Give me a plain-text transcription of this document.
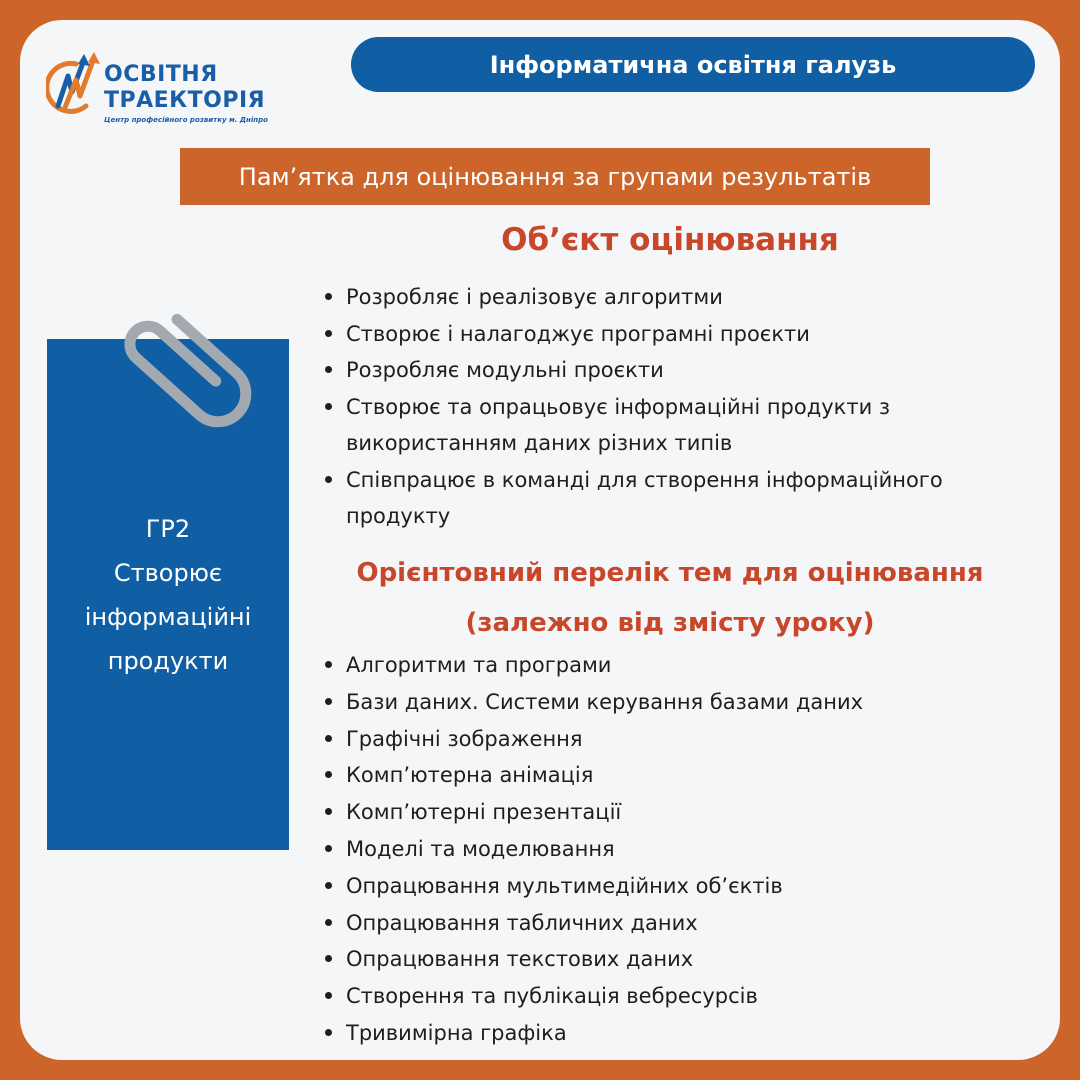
ОСВІТНЯ
ТРАЕКТОРІЯ
Центр професійного розвитку м. Дніпро
Інформатична освітня галузь
Пам’ятка для оцінювання за групами результатів
ГР2
Створює
інформаційні
продукти
Об’єкт оцінювання
Розробляє і реалізовує алгоритми
Створює і налагоджує програмні проєкти
Розробляє модульні проєкти
Створює та опрацьовує інформаційні продукти з використанням даних різних типів
Співпрацює в команді для створення інформаційного продукту
Орієнтовний перелік тем для оцінювання
(залежно від змісту уроку)
Алгоритми та програми
Бази даних. Системи керування базами даних
Графічні зображення
Комп’ютерна анімація
Комп’ютерні презентації
Моделі та моделювання
Опрацювання мультимедійних об’єктів
Опрацювання табличних даних
Опрацювання текстових даних
Створення та публікація вебресурсів
Тривимірна графіка
